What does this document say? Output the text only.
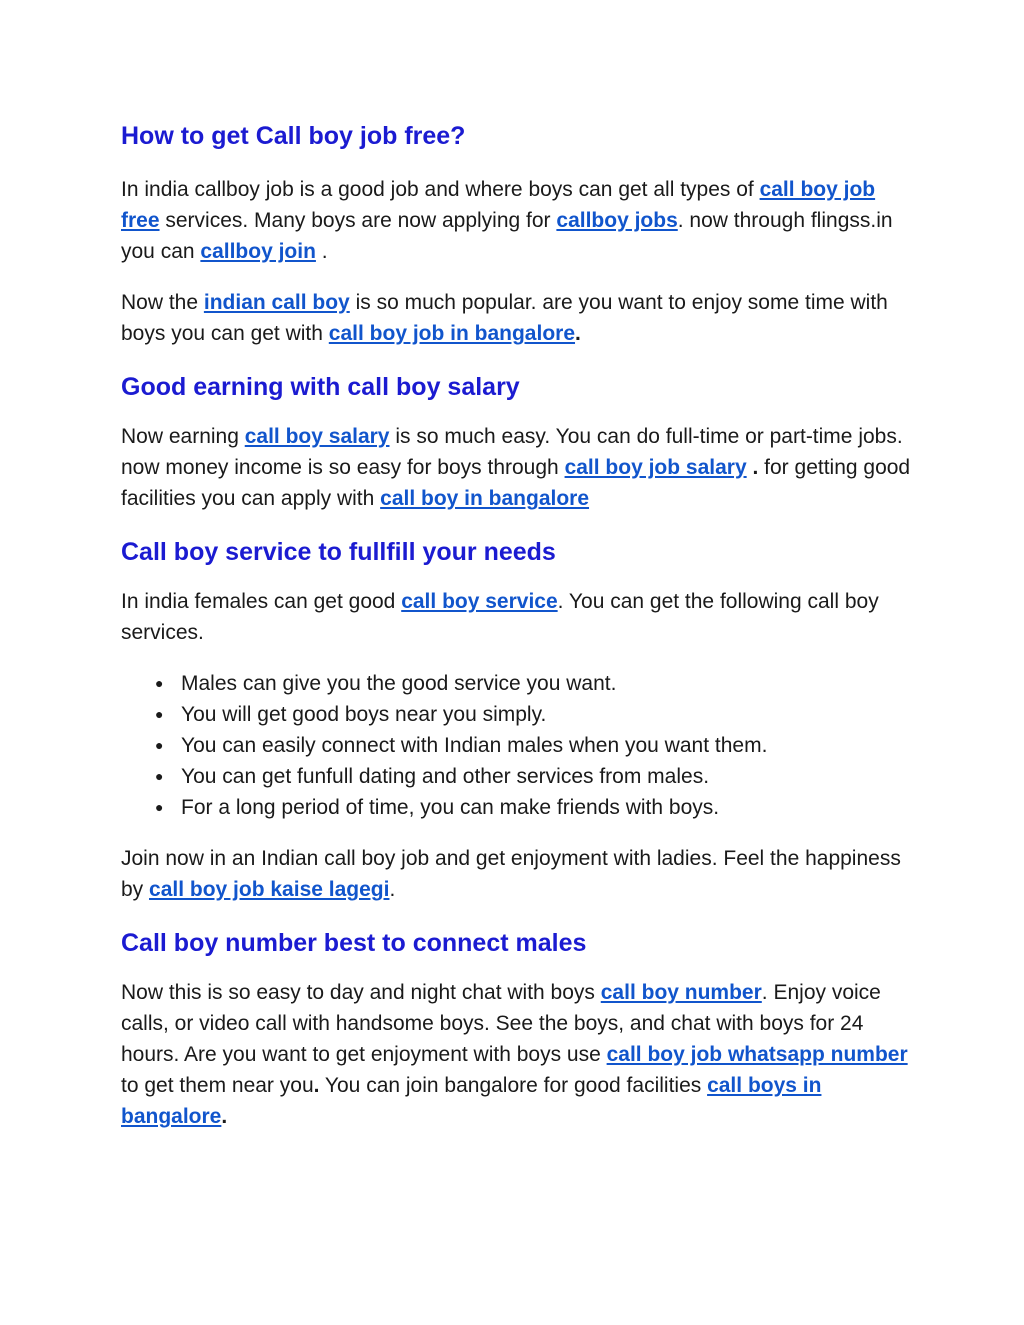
How to get Call boy job free?

In india callboy job is a good job and where boys can get all types of call boy job free services. Many boys are now applying for callboy jobs. now through flingss.in you can callboy join .

Now the indian call boy is so much popular. are you want to enjoy some time with boys you can get with call boy job in bangalore.

Good earning with call boy salary

Now earning call boy salary is so much easy. You can do full-time or part-time jobs. now money income is so easy for boys through call boy job salary . for getting good facilities you can apply with call boy in bangalore

Call boy service to fullfill your needs

In india females can get good call boy service. You can get the following call boy services.

● Males can give you the good service you want.
● You will get good boys near you simply.
● You can easily connect with Indian males when you want them.
● You can get funfull dating and other services from males.
● For a long period of time, you can make friends with boys.

Join now in an Indian call boy job and get enjoyment with ladies. Feel the happiness by call boy job kaise lagegi.

Call boy number best to connect males

Now this is so easy to day and night chat with boys call boy number. Enjoy voice calls, or video call with handsome boys. See the boys, and chat with boys for 24 hours. Are you want to get enjoyment with boys use call boy job whatsapp number to get them near you. You can join bangalore for good facilities call boys in bangalore.
